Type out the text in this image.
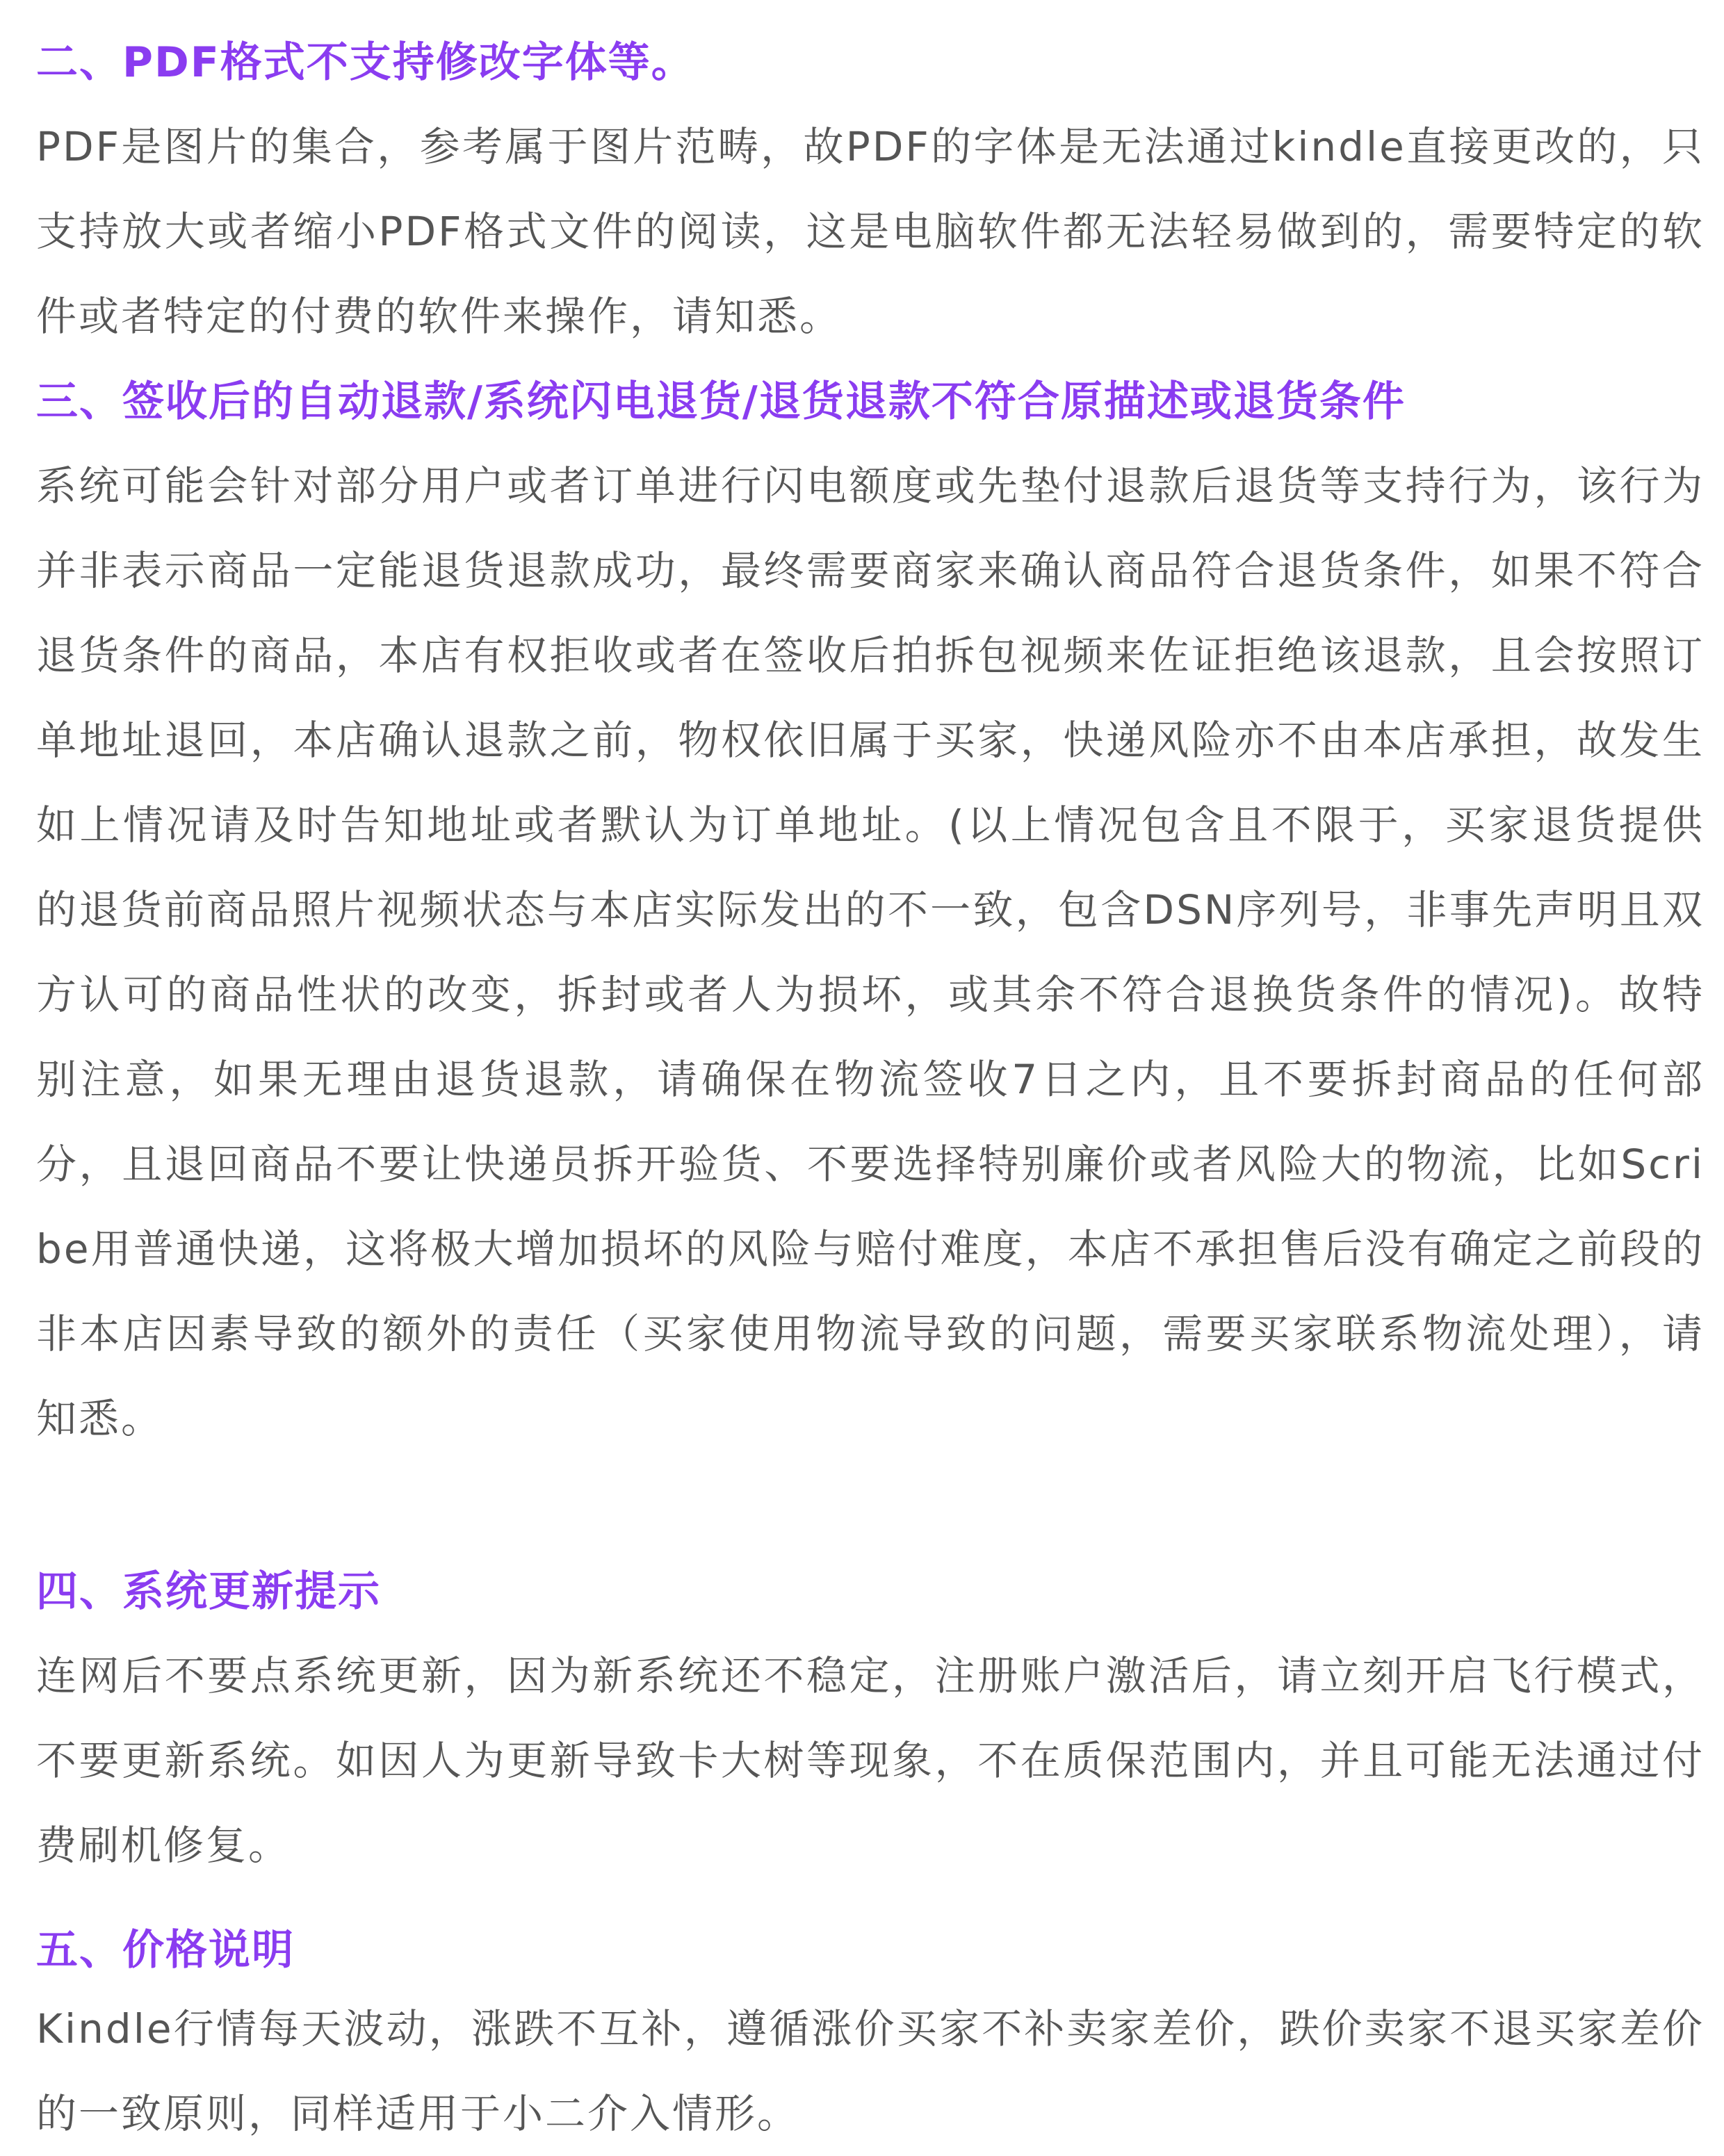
二、PDF格式不支持修改字体等。

PDF是图片的集合，参考属于图片范畴，故PDF的字体是无法通过kindle直接更改的，只支持放大或者缩小PDF格式文件的阅读，这是电脑软件都无法轻易做到的，需要特定的软件或者特定的付费的软件来操作，请知悉。

三、签收后的自动退款/系统闪电退货/退货退款不符合原描述或退货条件

系统可能会针对部分用户或者订单进行闪电额度或先垫付退款后退货等支持行为，该行为并非表示商品一定能退货退款成功，最终需要商家来确认商品符合退货条件，如果不符合退货条件的商品，本店有权拒收或者在签收后拍拆包视频来佐证拒绝该退款，且会按照订单地址退回，本店确认退款之前，物权依旧属于买家，快递风险亦不由本店承担，故发生如上情况请及时告知地址或者默认为订单地址。(以上情况包含且不限于，买家退货提供的退货前商品照片视频状态与本店实际发出的不一致，包含DSN序列号，非事先声明且双方认可的商品性状的改变，拆封或者人为损坏，或其余不符合退换货条件的情况)。故特别注意，如果无理由退货退款，请确保在物流签收7日之内，且不要拆封商品的任何部分，且退回商品不要让快递员拆开验货、不要选择特别廉价或者风险大的物流，比如Scribe用普通快递，这将极大增加损坏的风险与赔付难度，本店不承担售后没有确定之前段的非本店因素导致的额外的责任（买家使用物流导致的问题，需要买家联系物流处理），请知悉。

四、系统更新提示

连网后不要点系统更新，因为新系统还不稳定，注册账户激活后，请立刻开启飞行模式，不要更新系统。如因人为更新导致卡大树等现象，不在质保范围内，并且可能无法通过付费刷机修复。

五、价格说明

Kindle行情每天波动，涨跌不互补，遵循涨价买家不补卖家差价，跌价卖家不退买家差价的一致原则，同样适用于小二介入情形。
